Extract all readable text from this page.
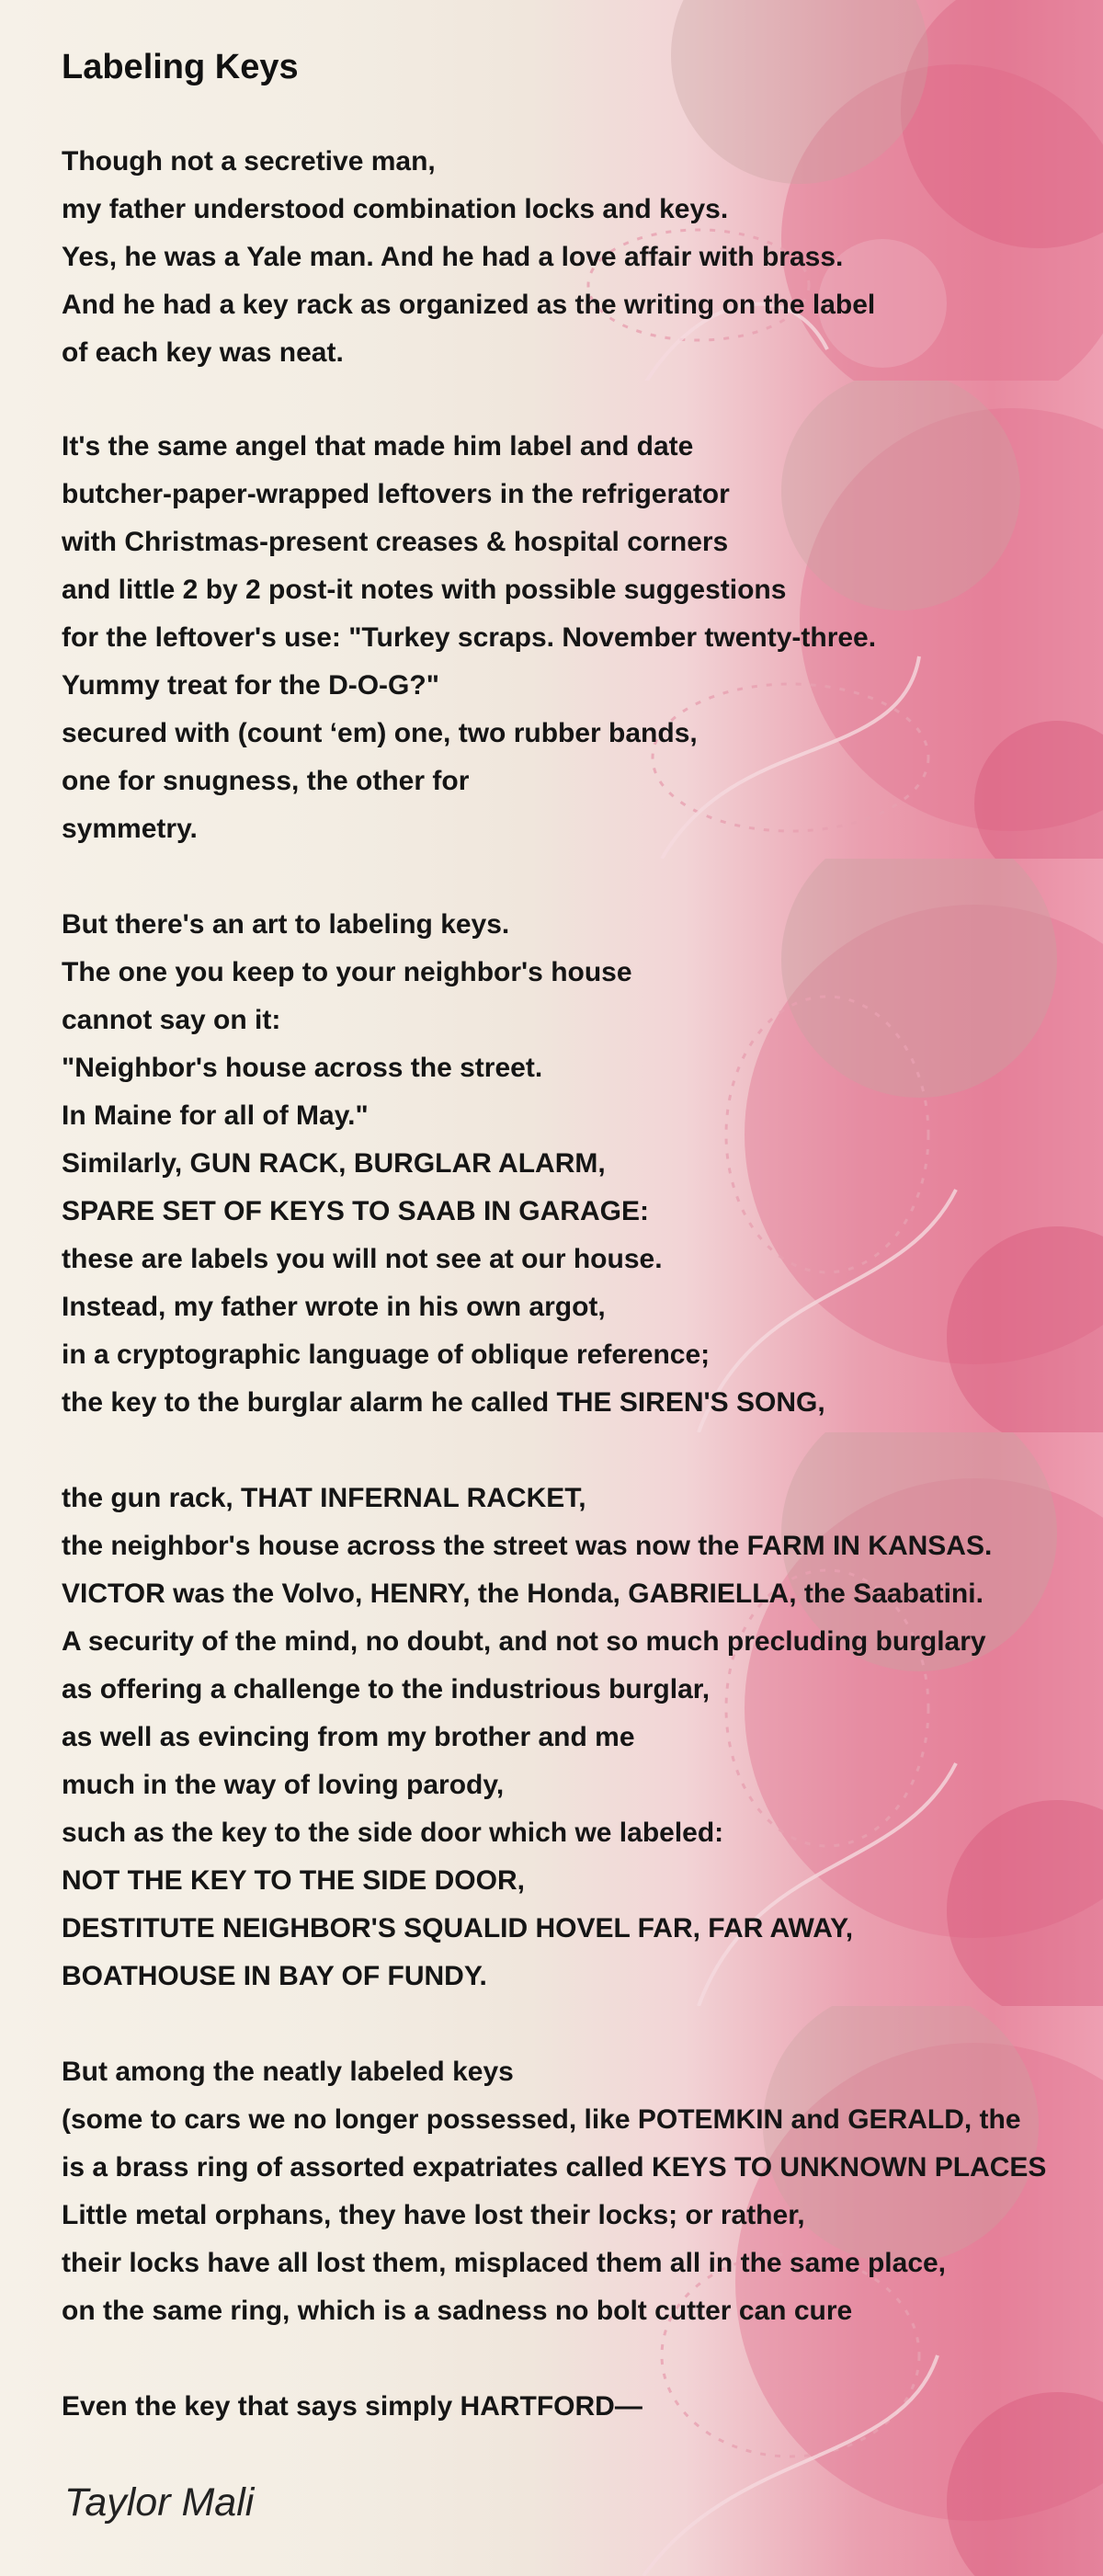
Labeling Keys
Though not a secretive man,
my father understood combination locks and keys.
Yes, he was a Yale man. And he had a love affair with brass.
And he had a key rack as organized as the writing on the label
of each key was neat.
It's the same angel that made him label and date
butcher-paper-wrapped leftovers in the refrigerator
with Christmas-present creases & hospital corners
and little 2 by 2 post-it notes with possible suggestions
for the leftover's use: "Turkey scraps. November twenty-three.
Yummy treat for the D-O-G?"
secured with (count ‘em) one, two rubber bands,
one for snugness, the other for
symmetry.
But there's an art to labeling keys.
The one you keep to your neighbor's house
cannot say on it:
"Neighbor's house across the street.
In Maine for all of May."
Similarly, GUN RACK, BURGLAR ALARM,
SPARE SET OF KEYS TO SAAB IN GARAGE:
these are labels you will not see at our house.
Instead, my father wrote in his own argot,
in a cryptographic language of oblique reference;
the key to the burglar alarm he called THE SIREN'S SONG,
the gun rack, THAT INFERNAL RACKET,
the neighbor's house across the street was now the FARM IN KANSAS.
VICTOR was the Volvo, HENRY, the Honda, GABRIELLA, the Saabatini.
A security of the mind, no doubt, and not so much precluding burglary
as offering a challenge to the industrious burglar,
as well as evincing from my brother and me
much in the way of loving parody,
such as the key to the side door which we labeled:
NOT THE KEY TO THE SIDE DOOR,
DESTITUTE NEIGHBOR'S SQUALID HOVEL FAR, FAR AWAY,
BOATHOUSE IN BAY OF FUNDY.
But among the neatly labeled keys
(some to cars we no longer possessed, like POTEMKIN and GERALD, the
is a brass ring of assorted expatriates called KEYS TO UNKNOWN PLACES
Little metal orphans, they have lost their locks; or rather,
their locks have all lost them, misplaced them all in the same place,
on the same ring, which is a sadness no bolt cutter can cure
Even the key that says simply HARTFORD—
Taylor Mali
